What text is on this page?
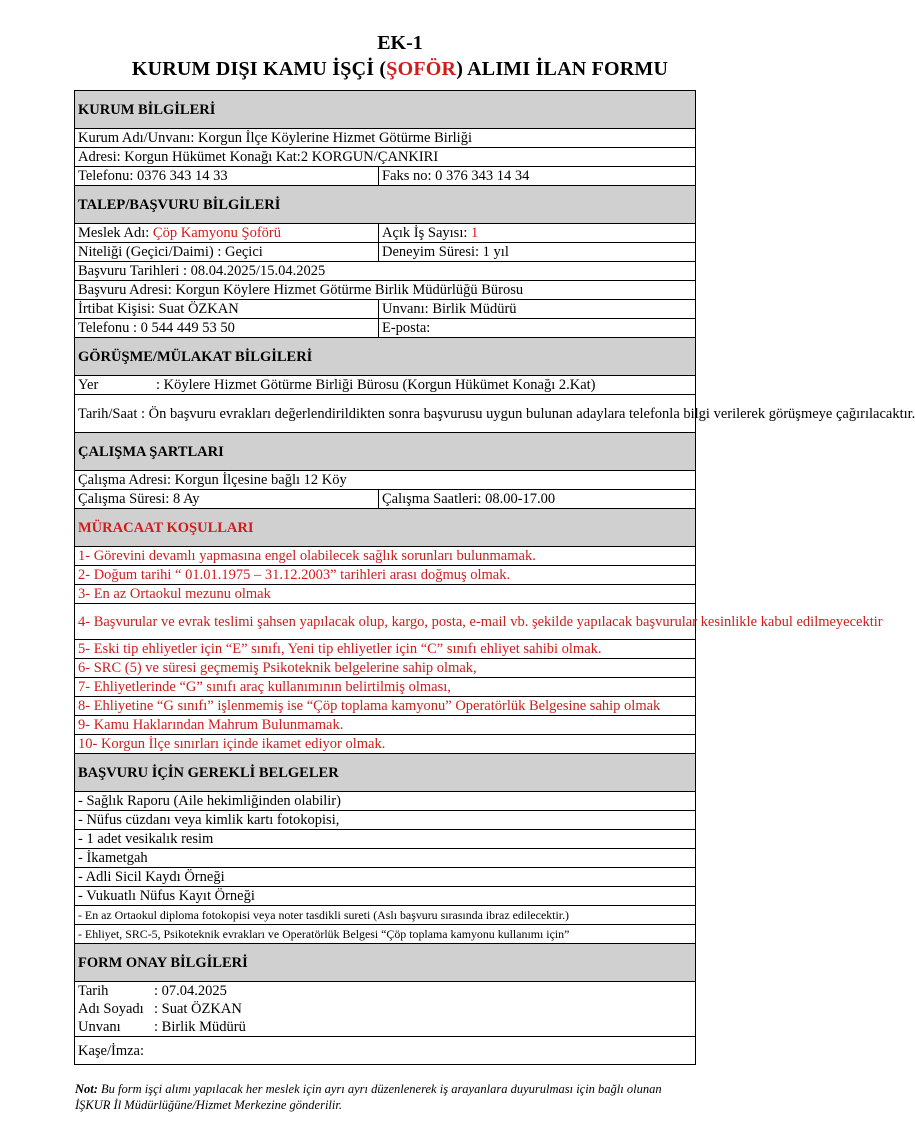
EK-1
KURUM DIŞI KAMU İŞÇİ (ŞOFÖR) ALIMI İLAN FORMU
KURUM BİLGİLERİ	
Kurum Adı/Unvanı: Korgun İlçe Köylerine Hizmet Götürme Birliği	
Adresi: Korgun Hükümet Konağı Kat:2 KORGUN/ÇANKIRI	
Telefonu: 0376 343 14 33	Faks no: 0 376 343 14 34
TALEP/BAŞVURU BİLGİLERİ	
Meslek Adı: Çöp Kamyonu Şoförü	Açık İş Sayısı: 1
Niteliği (Geçici/Daimi) : Geçici	Deneyim Süresi: 1 yıl
Başvuru Tarihleri : 08.04.2025/15.04.2025	
Başvuru Adresi: Korgun Köylere Hizmet Götürme Birlik Müdürlüğü Bürosu	
İrtibat Kişisi: Suat ÖZKAN	Unvanı: Birlik Müdürü
Telefonu : 0 544 449 53 50	E-posta:
GÖRÜŞME/MÜLAKAT BİLGİLERİ	
Yer : Köylere Hizmet Götürme Birliği Bürosu (Korgun Hükümet Konağı 2.Kat)	
Tarih/Saat : Ön başvuru evrakları değerlendirildikten sonra başvurusu uygun bulunan adaylara telefonla bilgi verilerek görüşmeye çağırılacaktır.	
ÇALIŞMA ŞARTLARI	
Çalışma Adresi: Korgun İlçesine bağlı 12 Köy	
Çalışma Süresi: 8 Ay	Çalışma Saatleri: 08.00-17.00
MÜRACAAT KOŞULLARI	
1- Görevini devamlı yapmasına engel olabilecek sağlık sorunları bulunmamak.	
2- Doğum tarihi “ 01.01.1975 – 31.12.2003” tarihleri arası doğmuş olmak.	
3- En az Ortaokul mezunu olmak	
4- Başvurular ve evrak teslimi şahsen yapılacak olup, kargo, posta, e-mail vb. şekilde yapılacak başvurular kesinlikle kabul edilmeyecektir	
5- Eski tip ehliyetler için “E” sınıfı, Yeni tip ehliyetler için “C” sınıfı ehliyet sahibi olmak.	
6- SRC (5) ve süresi geçmemiş Psikoteknik belgelerine sahip olmak,	
7- Ehliyetlerinde “G” sınıfı araç kullanımının belirtilmiş olması,	
8- Ehliyetine “G sınıfı” işlenmemiş ise “Çöp toplama kamyonu” Operatörlük Belgesine sahip olmak	
9- Kamu Haklarından Mahrum Bulunmamak.	
10- Korgun İlçe sınırları içinde ikamet ediyor olmak.	
BAŞVURU İÇİN GEREKLİ BELGELER	
- Sağlık Raporu (Aile hekimliğinden olabilir)	
- Nüfus cüzdanı veya kimlik kartı fotokopisi,	
- 1 adet vesikalık resim	
- İkametgah	
- Adli Sicil Kaydı Örneği	
- Vukuatlı Nüfus Kayıt Örneği	
- En az Ortaokul diploma fotokopisi veya noter tasdikli sureti (Aslı başvuru sırasında ibraz edilecektir.)	
- Ehliyet, SRC-5, Psikoteknik evrakları ve Operatörlük Belgesi “Çöp toplama kamyonu kullanımı için”	
FORM ONAY BİLGİLERİ	
Tarih : 07.04.2025	
Adı Soyadı : Suat ÖZKAN	
Unvanı : Birlik Müdürü	
Kaşe/İmza:	
Not: Bu form işçi alımı yapılacak her meslek için ayrı ayrı düzenlenerek iş arayanlara duyurulması için bağlı olunan İŞKUR İl Müdürlüğüne/Hizmet Merkezine gönderilir.
